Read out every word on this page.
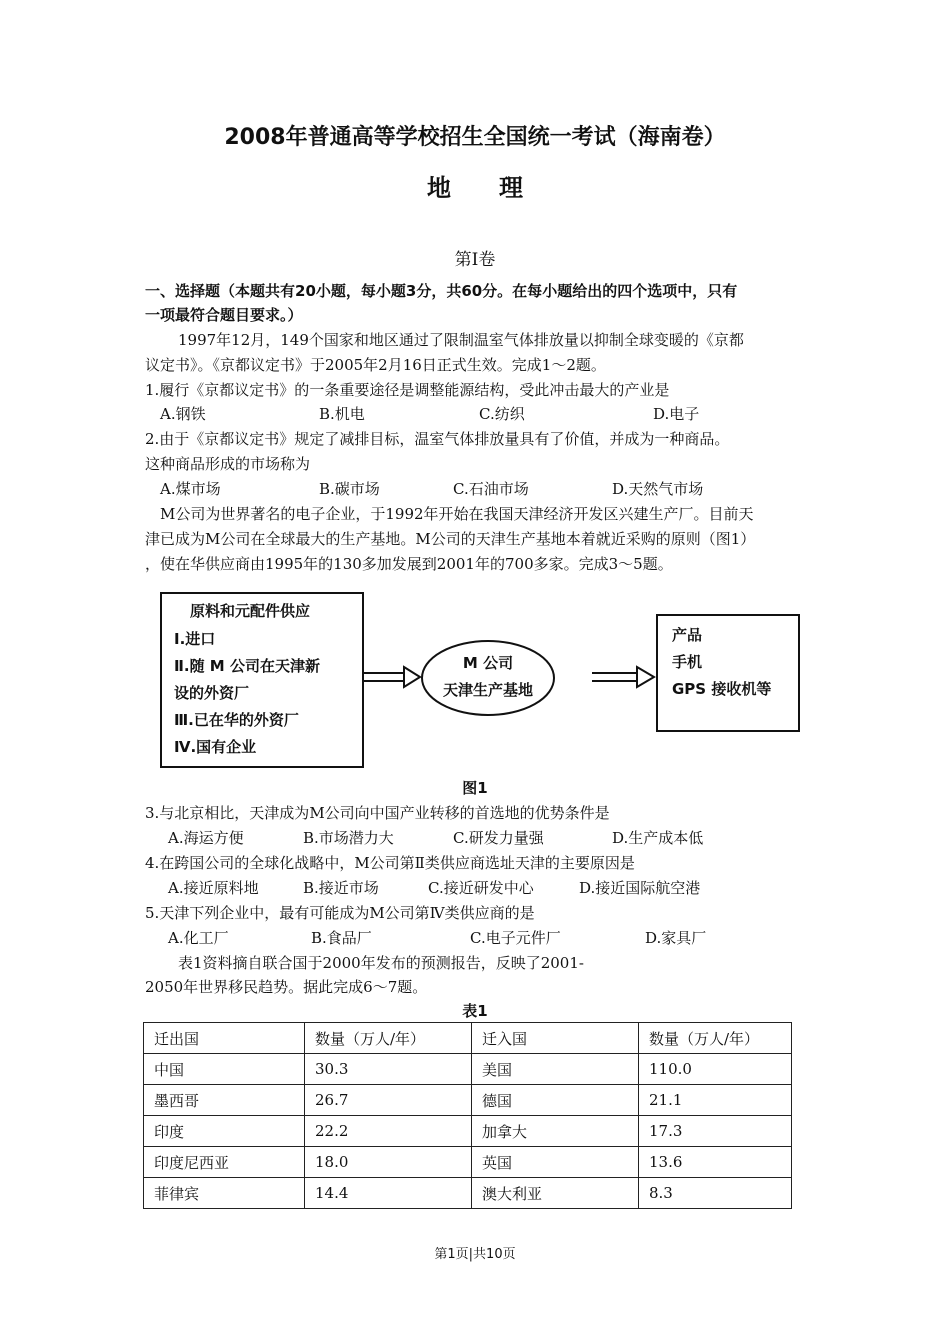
2008年普通高等学校招生全国统一考试（海南卷）
地　　理
第Ⅰ卷
一、选择题（本题共有20小题，每小题3分，共60分。在每小题给出的四个选项中，只有
一项最符合题目要求。）
1997年12月，149个国家和地区通过了限制温室气体排放量以抑制全球变暖的《京都
议定书》。《京都议定书》于2005年2月16日正式生效。完成1～2题。
1.履行《京都议定书》的一条重要途径是调整能源结构，受此冲击最大的产业是
A.钢铁	B.机电	C.纺织	D.电子
2.由于《京都议定书》规定了减排目标，温室气体排放量具有了价值，并成为一种商品。
这种商品形成的市场称为
A.煤市场	B.碳市场	C.石油市场	D.天然气市场
M公司为世界著名的电子企业，于1992年开始在我国天津经济开发区兴建生产厂。目前天
津已成为M公司在全球最大的生产基地。M公司的天津生产基地本着就近采购的原则（图1）
，使在华供应商由1995年的130多加发展到2001年的700多家。完成3～5题。
原料和元配件供应
Ⅰ.进口
Ⅱ.随 M 公司在天津新
设的外资厂
Ⅲ.已在华的外资厂
Ⅳ.国有企业
M 公司
天津生产基地
产品
手机
GPS 接收机等
图1
3.与北京相比，天津成为M公司向中国产业转移的首选地的优势条件是
A.海运方便	B.市场潜力大	C.研发力量强	D.生产成本低
4.在跨国公司的全球化战略中，M公司第Ⅱ类供应商选址天津的主要原因是
A.接近原料地	B.接近市场	C.接近研发中心	D.接近国际航空港
5.天津下列企业中，最有可能成为M公司第Ⅳ类供应商的是
A.化工厂	B.食品厂	C.电子元件厂	D.家具厂
表1资料摘自联合国于2000年发布的预测报告，反映了2001-
2050年世界移民趋势。据此完成6～7题。
表1
迁出国	数量（万人/年）	迁入国	数量（万人/年）
中国	30.3	美国	110.0
墨西哥	26.7	德国	21.1
印度	22.2	加拿大	17.3
印度尼西亚	18.0	英国	13.6
菲律宾	14.4	澳大利亚	8.3
第1页|共10页
